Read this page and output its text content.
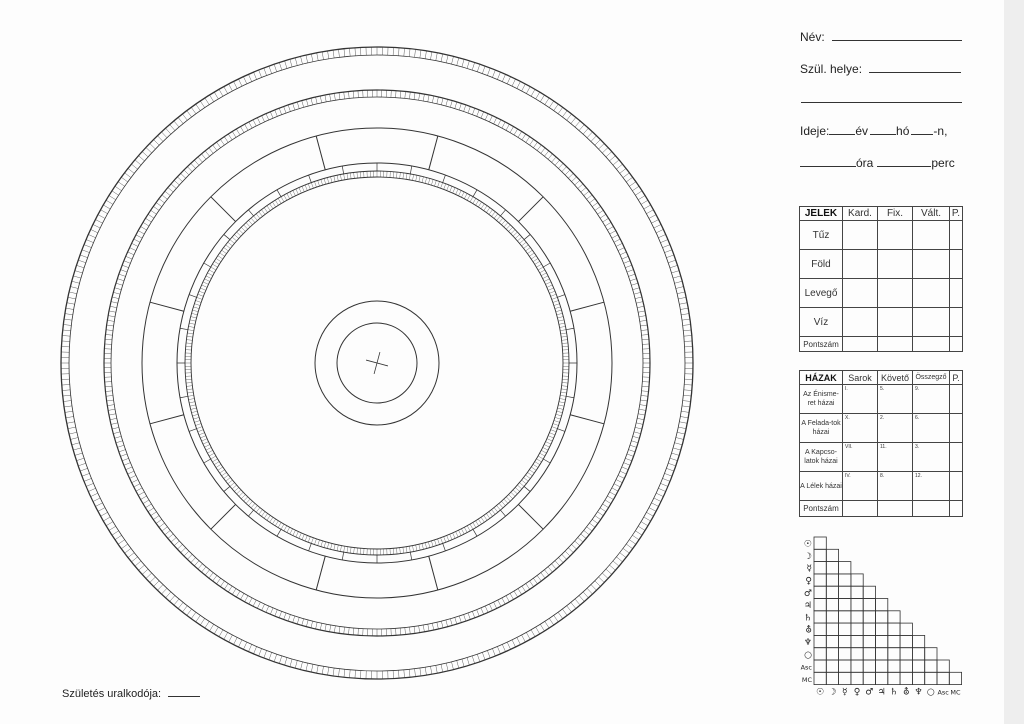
Név:
Szül. helye:
Ideje: év hó -n,
óra	perc
JELEK	Kard.	Fix.	Vált.	P.
Tűz				
Föld				
Levegő				
Víz				
Pontszám				
HÁZAK	Sarok	Követő	Összegző	P.
Az Énisme-ret házai	I.	5.	9.	
A Felada-tok házai	X.	2.	6.	
A Kapcso-latok házai	VII.	11.	3.	
A Lélek házai	IV.	8.	12.	
Pontszám				
☉
☽
☿
♀
♂
♃
♄
⛢
♆
○
Asc
MC
☉ ☽ ☿ ♀ ♂ ♃ ♄ ⛢ ♆ ○ Asc MC
Születés uralkodója:
